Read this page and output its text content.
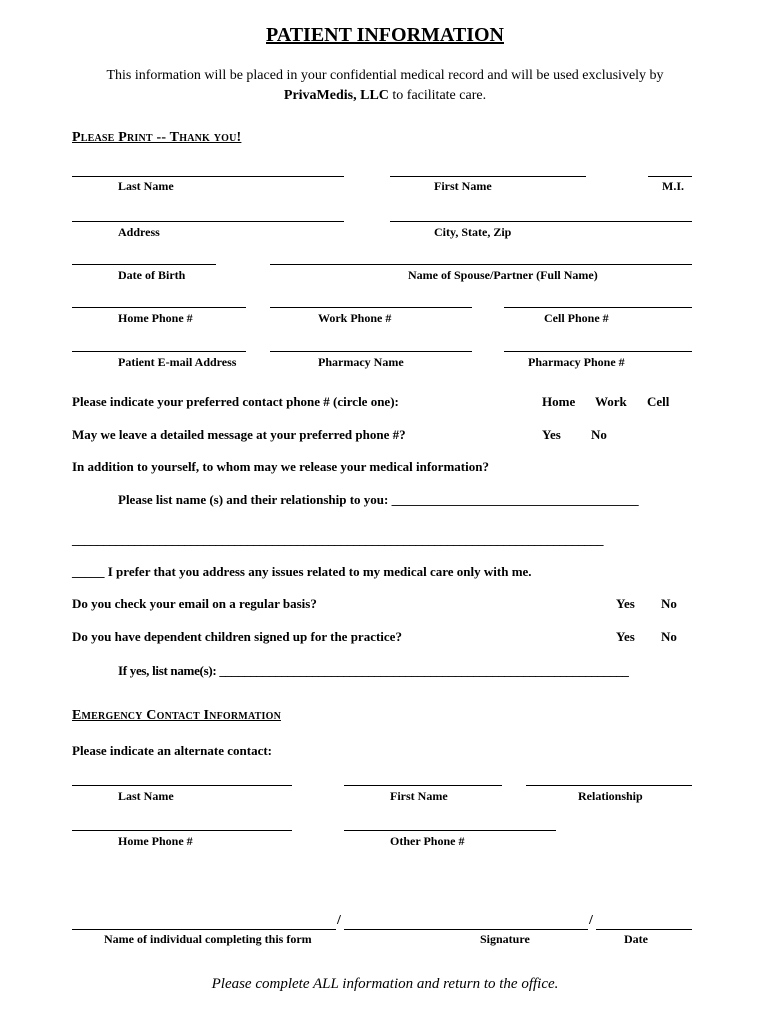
PATIENT INFORMATION
This information will be placed in your confidential medical record and will be used exclusively by
PrivaMedis, LLC to facilitate care.
Please Print -- Thank you!
Last Name	First Name	M.I.
Address	City, State, Zip
Date of Birth	Name of Spouse/Partner (Full Name)
Home Phone #	Work Phone #	Cell Phone #
Patient E-mail Address	Pharmacy Name	Pharmacy Phone #
Please indicate your preferred contact phone # (circle one):	Home Work Cell
May we leave a detailed message at your preferred phone #?	Yes No
In addition to yourself, to whom may we release your medical information?
Please list name (s) and their relationship to you: ______________________________________
_____________________________________________________________________________________
_____ I prefer that you address any issues related to my medical care only with me.
Do you check your email on a regular basis?	Yes No
Do you have dependent children signed up for the practice?	Yes No
If yes, list name(s): __________________________________________________________________
Emergency Contact Information
Please indicate an alternate contact:
Last Name	First Name	Relationship
Home Phone #	Other Phone #
/	/
Name of individual completing this form	Signature	Date
Please complete ALL information and return to the office.
